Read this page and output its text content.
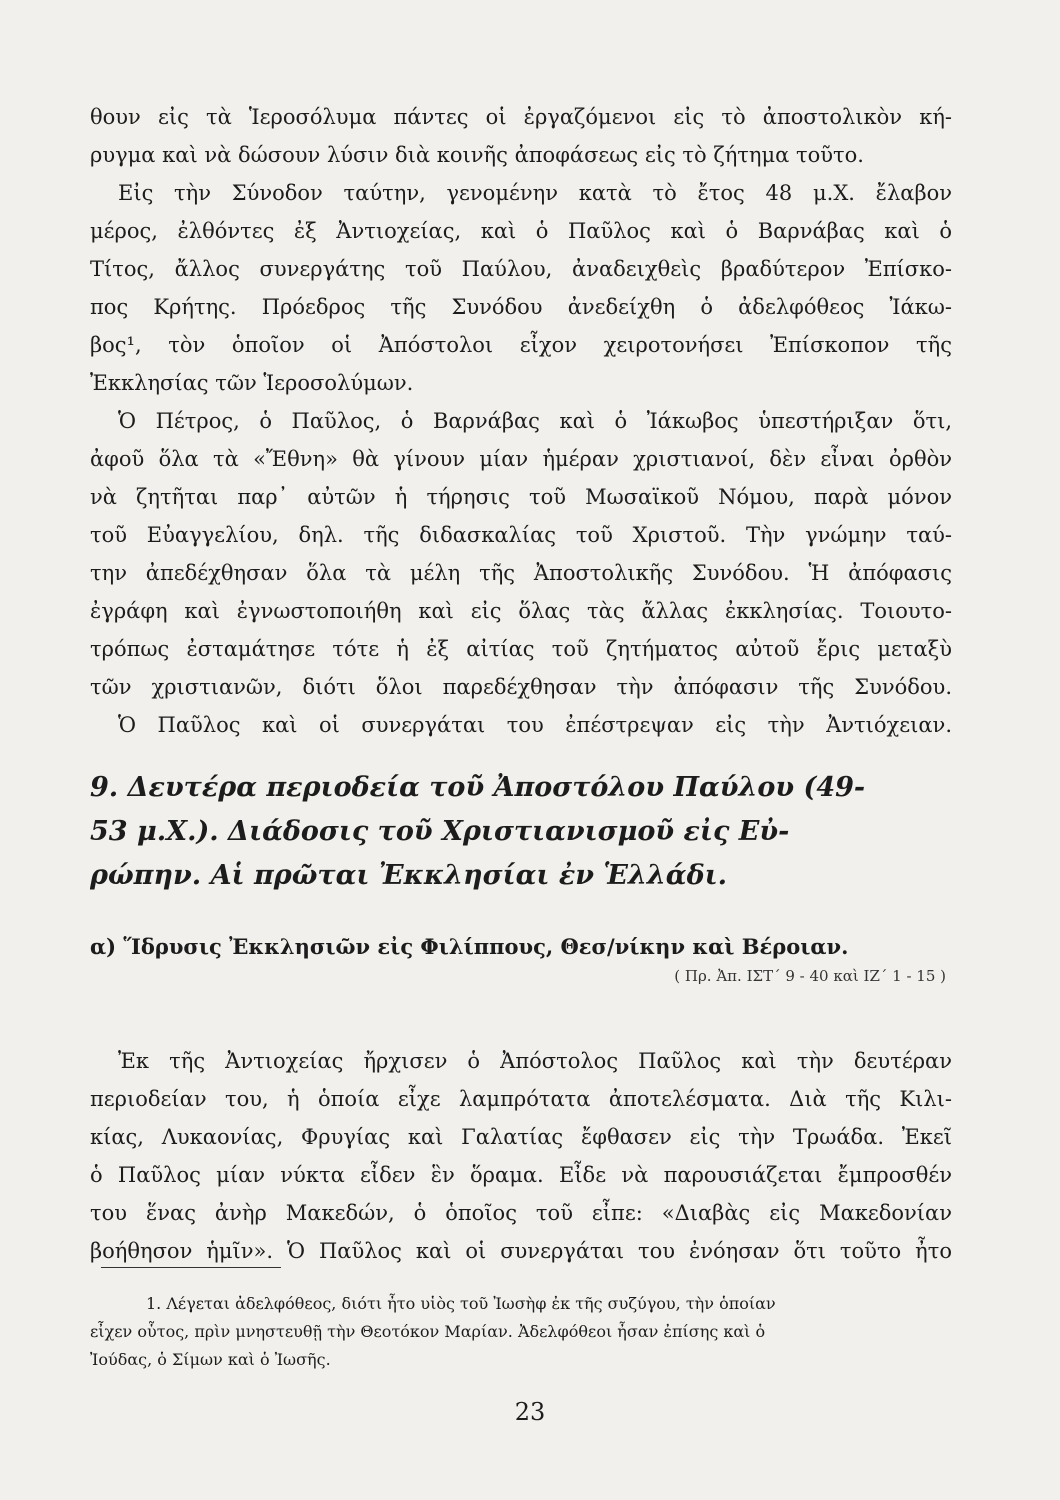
θουν εἰς τὰ Ἱεροσόλυμα πάντες οἱ ἐργαζόμενοι εἰς τὸ ἀποστολικὸν κή-
ρυγμα καὶ νὰ δώσουν λύσιν διὰ κοινῆς ἀποφάσεως εἰς τὸ ζήτημα τοῦτο.
Εἰς τὴν Σύνοδον ταύτην, γενομένην κατὰ τὸ ἔτος 48 μ.Χ. ἔλαβον
μέρος, ἐλθόντες ἐξ Ἀντιοχείας, καὶ ὁ Παῦλος καὶ ὁ Βαρνάβας καὶ ὁ
Τίτος, ἄλλος συνεργάτης τοῦ Παύλου, ἀναδειχθεὶς βραδύτερον Ἐπίσκο-
πος Κρήτης. Πρόεδρος τῆς Συνόδου ἀνεδείχθη ὁ ἀδελφόθεος Ἰάκω-
βος¹, τὸν ὁποῖον οἱ Ἀπόστολοι εἶχον χειροτονήσει Ἐπίσκοπον τῆς
Ἐκκλησίας τῶν Ἱεροσολύμων.
Ὁ Πέτρος, ὁ Παῦλος, ὁ Βαρνάβας καὶ ὁ Ἰάκωβος ὑπεστήριξαν ὅτι,
ἀφοῦ ὅλα τὰ «Ἔθνη» θὰ γίνουν μίαν ἡμέραν χριστιανοί, δὲν εἶναι ὀρθὸν
νὰ ζητῆται παρ᾽ αὐτῶν ἡ τήρησις τοῦ Μωσαϊκοῦ Νόμου, παρὰ μόνον
τοῦ Εὐαγγελίου, δηλ. τῆς διδασκαλίας τοῦ Χριστοῦ. Τὴν γνώμην ταύ-
την ἀπεδέχθησαν ὅλα τὰ μέλη τῆς Ἀποστολικῆς Συνόδου. Ἡ ἀπόφασις
ἐγράφη καὶ ἐγνωστοποιήθη καὶ εἰς ὅλας τὰς ἄλλας ἐκκλησίας. Τοιουτο-
τρόπως ἐσταμάτησε τότε ἡ ἐξ αἰτίας τοῦ ζητήματος αὐτοῦ ἔρις μεταξὺ
τῶν χριστιανῶν, διότι ὅλοι παρεδέχθησαν τὴν ἀπόφασιν τῆς Συνόδου.
Ὁ Παῦλος καὶ οἱ συνεργάται του ἐπέστρεψαν εἰς τὴν Ἀντιόχειαν.
9. Δευτέρα περιοδεία τοῦ Ἀποστόλου Παύλου (49-
53 μ.Χ.). Διάδοσις τοῦ Χριστιανισμοῦ εἰς Εὐ-
ρώπην. Αἱ πρῶται Ἐκκλησίαι ἐν Ἑλλάδι.
α) Ἵδρυσις Ἐκκλησιῶν εἰς Φιλίππους, Θεσ/νίκην καὶ Βέροιαν.
( Πρ. Ἀπ. ΙΣΤ΄ 9 - 40 καὶ ΙΖ΄ 1 - 15 )
Ἐκ τῆς Ἀντιοχείας ἤρχισεν ὁ Ἀπόστολος Παῦλος καὶ τὴν δευτέραν
περιοδείαν του, ἡ ὁποία εἶχε λαμπρότατα ἀποτελέσματα. Διὰ τῆς Κιλι-
κίας, Λυκαονίας, Φρυγίας καὶ Γαλατίας ἔφθασεν εἰς τὴν Τρωάδα. Ἐκεῖ
ὁ Παῦλος μίαν νύκτα εἶδεν ἓν ὅραμα. Εἶδε νὰ παρουσιάζεται ἔμπροσθέν
του ἕνας ἀνὴρ Μακεδών, ὁ ὁποῖος τοῦ εἶπε: «Διαβὰς εἰς Μακεδονίαν
βοήθησον ἡμῖν». Ὁ Παῦλος καὶ οἱ συνεργάται του ἐνόησαν ὅτι τοῦτο ἦτο
1. Λέγεται ἀδελφόθεος, διότι ἦτο υἱὸς τοῦ Ἰωσὴφ ἐκ τῆς συζύγου, τὴν ὁποίαν
εἶχεν οὗτος, πρὶν μνηστευθῇ τὴν Θεοτόκον Μαρίαν. Ἀδελφόθεοι ἦσαν ἐπίσης καὶ ὁ
Ἰούδας, ὁ Σίμων καὶ ὁ Ἰωσῆς.
23
